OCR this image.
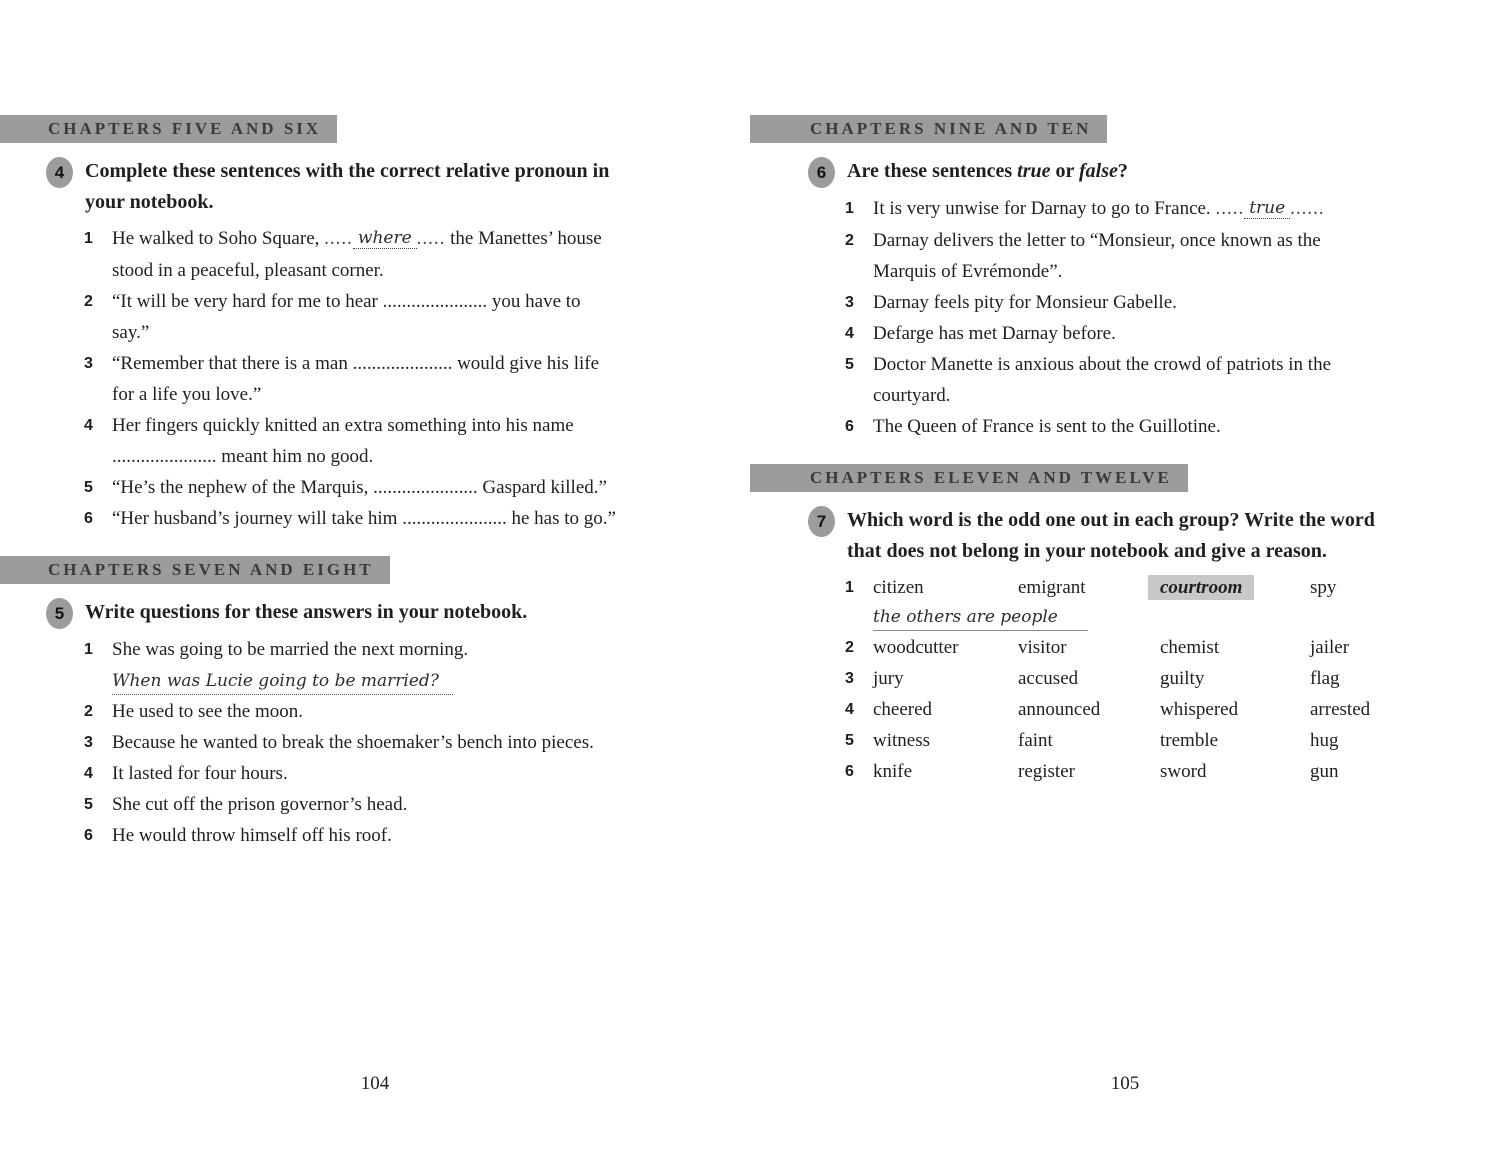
CHAPTERS FIVE AND SIX
4	Complete these sentences with the correct relative pronoun in your notebook.
1	He walked to Soho Square, ..... where ..... the Manettes’ house stood in a peaceful, pleasant corner.
2	“It will be very hard for me to hear ...................... you have to say.”
3	“Remember that there is a man ..................... would give his life for a life you love.”
4	Her fingers quickly knitted an extra something into his name ...................... meant him no good.
5	“He’s the nephew of the Marquis, ...................... Gaspard killed.”
6	“Her husband’s journey will take him ...................... he has to go.”
CHAPTERS SEVEN AND EIGHT
5	Write questions for these answers in your notebook.
1	She was going to be married the next morning.
When was Lucie going to be married?
2	He used to see the moon.
3	Because he wanted to break the shoemaker’s bench into pieces.
4	It lasted for four hours.
5	She cut off the prison governor’s head.
6	He would throw himself off his roof.
104
CHAPTERS NINE AND TEN
6	Are these sentences true or false?
1	It is very unwise for Darnay to go to France. ..... true ......
2	Darnay delivers the letter to “Monsieur, once known as the Marquis of Evrémonde”.
3	Darnay feels pity for Monsieur Gabelle.
4	Defarge has met Darnay before.
5	Doctor Manette is anxious about the crowd of patriots in the courtyard.
6	The Queen of France is sent to the Guillotine.
CHAPTERS ELEVEN AND TWELVE
7	Which word is the odd one out in each group? Write the word that does not belong in your notebook and give a reason.
1	citizen	emigrant	courtroom	spy
the others are people
2	woodcutter	visitor	chemist	jailer
3	jury	accused	guilty	flag
4	cheered	announced	whispered	arrested
5	witness	faint	tremble	hug
6	knife	register	sword	gun
105
